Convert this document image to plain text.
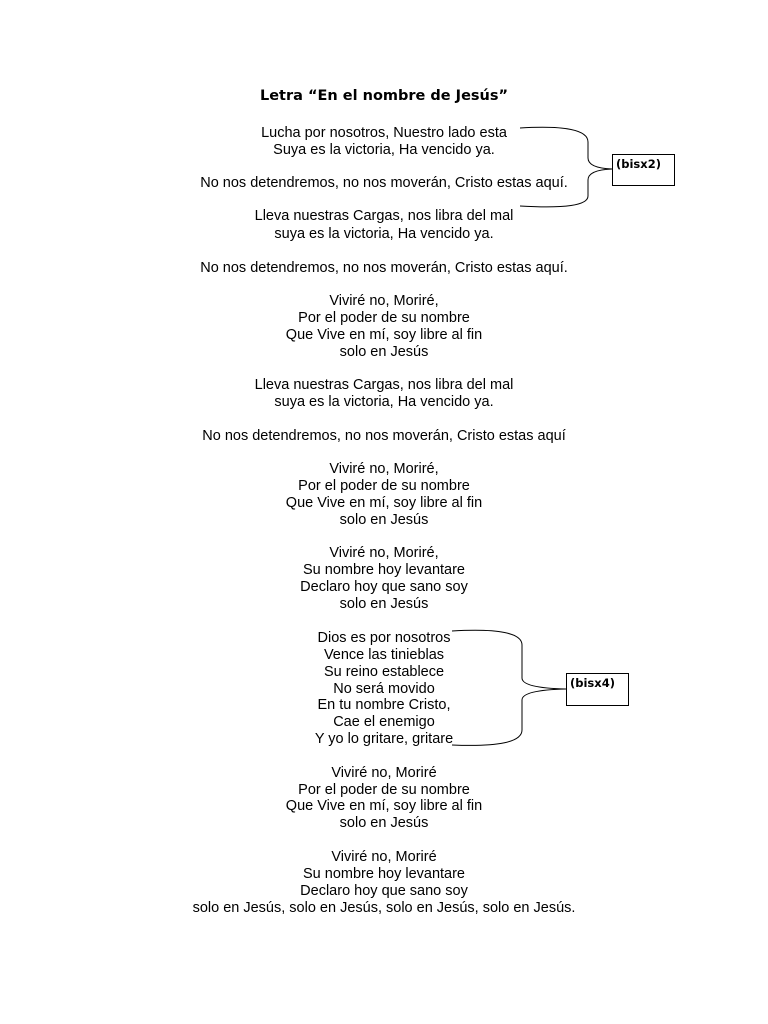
Letra “En el nombre de Jesús”
Lucha por nosotros, Nuestro lado esta
Suya es la victoria, Ha vencido ya.
No nos detendremos, no nos moverán, Cristo estas aquí.
Lleva nuestras Cargas, nos libra del mal
suya es la victoria, Ha vencido ya.
No nos detendremos, no nos moverán, Cristo estas aquí.
Viviré no, Moriré,
Por el poder de su nombre
Que Vive en mí, soy libre al fin
solo en Jesús
Lleva nuestras Cargas, nos libra del mal
suya es la victoria, Ha vencido ya.
No nos detendremos, no nos moverán, Cristo estas aquí
Viviré no, Moriré,
Por el poder de su nombre
Que Vive en mí, soy libre al fin
solo en Jesús
Viviré no, Moriré,
Su nombre hoy levantare
Declaro hoy que sano soy
solo en Jesús
Dios es por nosotros
Vence las tinieblas
Su reino establece
No será movido
En tu nombre Cristo,
Cae el enemigo
Y yo lo gritare, gritare
Viviré no, Moriré
Por el poder de su nombre
Que Vive en mí, soy libre al fin
solo en Jesús
Viviré no, Moriré
Su nombre hoy levantare
Declaro hoy que sano soy
solo en Jesús, solo en Jesús, solo en Jesús, solo en Jesús.
(bisx2)
(bisx4)
